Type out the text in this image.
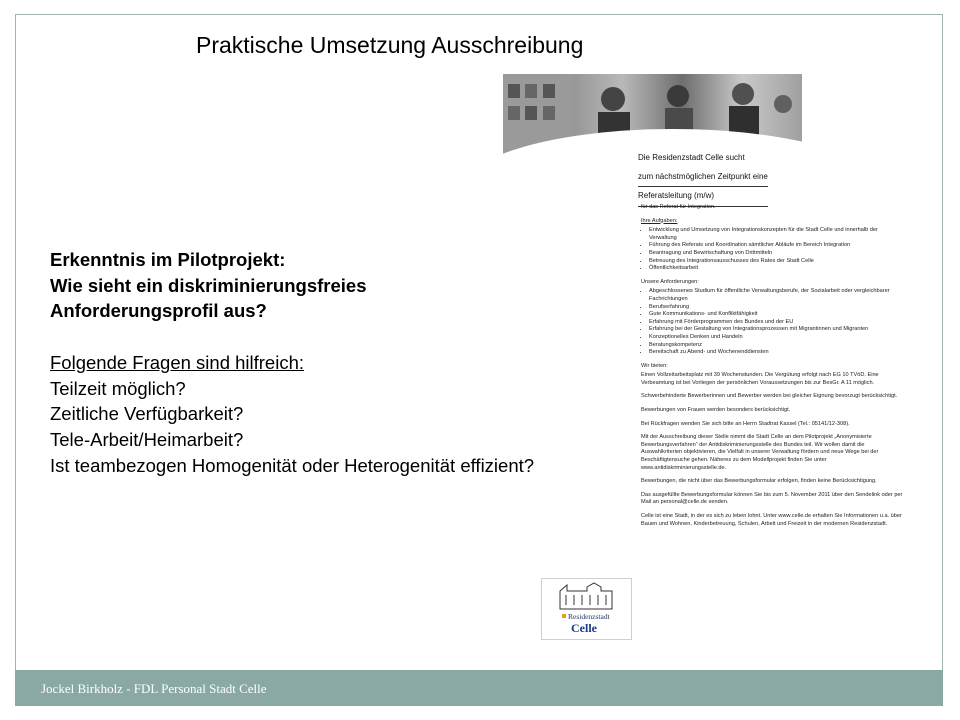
Praktische Umsetzung Ausschreibung
Die Residenzstadt Celle sucht
zum nächstmöglichen Zeitpunkt eine
Referatsleitung (m/w)
Erkenntnis im Pilotprojekt:
Wie sieht ein diskriminierungsfreies
Anforderungsprofil aus?
Folgende Fragen sind hilfreich:
Teilzeit möglich?
Zeitliche Verfügbarkeit?
Tele-Arbeit/Heimarbeit?
Ist teambezogen Homogenität oder Heterogenität effizient?

für das Referat für Integration.

Ihre Aufgaben:

• Entwicklung und Umsetzung von Integrationskonzepten für die Stadt Celle und innerhalb der Verwaltung
• Führung des Referats und Koordination sämtlicher Abläufe im Bereich Integration
• Beantragung und Bewirtschaftung von Drittmitteln
• Betreuung des Integrationsausschusses des Rates der Stadt Celle
• Öffentlichkeitsarbeit

Unsere Anforderungen:

• Abgeschlossenes Studium für öffentliche Verwaltungsberufe, der Sozialarbeit oder vergleichbarer Fachrichtungen
• Berufserfahrung
• Gute Kommunikations- und Konfliktfähigkeit
• Erfahrung mit Förderprogrammen des Bundes und der EU
• Erfahrung bei der Gestaltung von Integrationsprozessen mit Migrantinnen und Migranten
• Konzeptionelles Denken und Handeln
• Beratungskompetenz
• Bereitschaft zu Abend- und Wochenenddiensten

Wir bieten:

Einen Vollzeitarbeitsplatz mit 39 Wochenstunden. Die Vergütung erfolgt nach EG 10 TVöD. Eine Verbeamtung ist bei Vorliegen der persönlichen Voraussetzungen bis zur BesGr. A 11 möglich.

Schwerbehinderte Bewerberinnen und Bewerber werden bei gleicher Eignung bevorzugt berücksichtigt.

Bewerbungen von Frauen werden besonders berücksichtigt.

Bei Rückfragen wenden Sie sich bitte an Herrn Stadtrat Kassel (Tel.: 05141/12-308).

Mit der Ausschreibung dieser Stelle nimmt die Stadt Celle an dem Pilotprojekt „Anonymisierte Bewerbungsverfahren“ der Antidiskriminierungsstelle des Bundes teil. Wir wollen damit die Auswahlkriterien objektivieren, die Vielfalt in unserer Verwaltung fördern und neue Wege bei der Beschäftigtensuche gehen. Näheres zu dem Modellprojekt finden Sie unter www.antidiskriminierungsstelle.de.

Bewerbungen, die nicht über das Bewerbungsformular erfolgen, finden keine Berücksichtigung.

Das ausgefüllte Bewerbungsformular können Sie bis zum 5. November 2011 über den Sendelink oder per Mail an personal@celle.de senden.

Celle ist eine Stadt, in der es sich zu leben lohnt. Unter www.celle.de erhalten Sie Informationen u.a. über Bauen und Wohnen, Kinderbetreuung, Schulen, Arbeit und Freizeit in der modernen Residenzstadt.

Residenzstadt
Celle
Jockel Birkholz - FDL Personal Stadt Celle
